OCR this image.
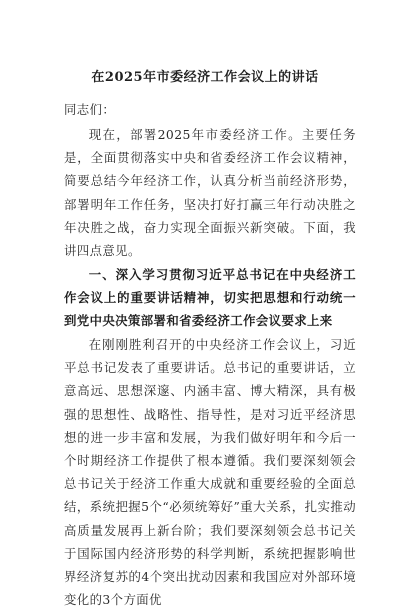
在2025年市委经济工作会议上的讲话

同志们：

现在，部署2025年市委经济工作。主要任务是，全面贯彻落实中央和省委经济工作会议精神，简要总结今年经济工作，认真分析当前经济形势，部署明年工作任务，坚决打好打赢三年行动决胜之年决胜之战，奋力实现全面振兴新突破。下面，我讲四点意见。

一、深入学习贯彻习近平总书记在中央经济工作会议上的重要讲话精神，切实把思想和行动统一到党中央决策部署和省委经济工作会议要求上来

在刚刚胜利召开的中央经济工作会议上，习近平总书记发表了重要讲话。总书记的重要讲话，立意高远、思想深邃、内涵丰富、博大精深，具有极强的思想性、战略性、指导性，是对习近平经济思想的进一步丰富和发展，为我们做好明年和今后一个时期经济工作提供了根本遵循。我们要深刻领会总书记关于经济工作重大成就和重要经验的全面总结，系统把握5个“必须统筹好”重大关系，扎实推动高质量发展再上新台阶；我们要深刻领会总书记关于国际国内经济形势的科学判断，系统把握影响世界经济复苏的4个突出扰动因素和我国应对外部环境变化的3个方面优
